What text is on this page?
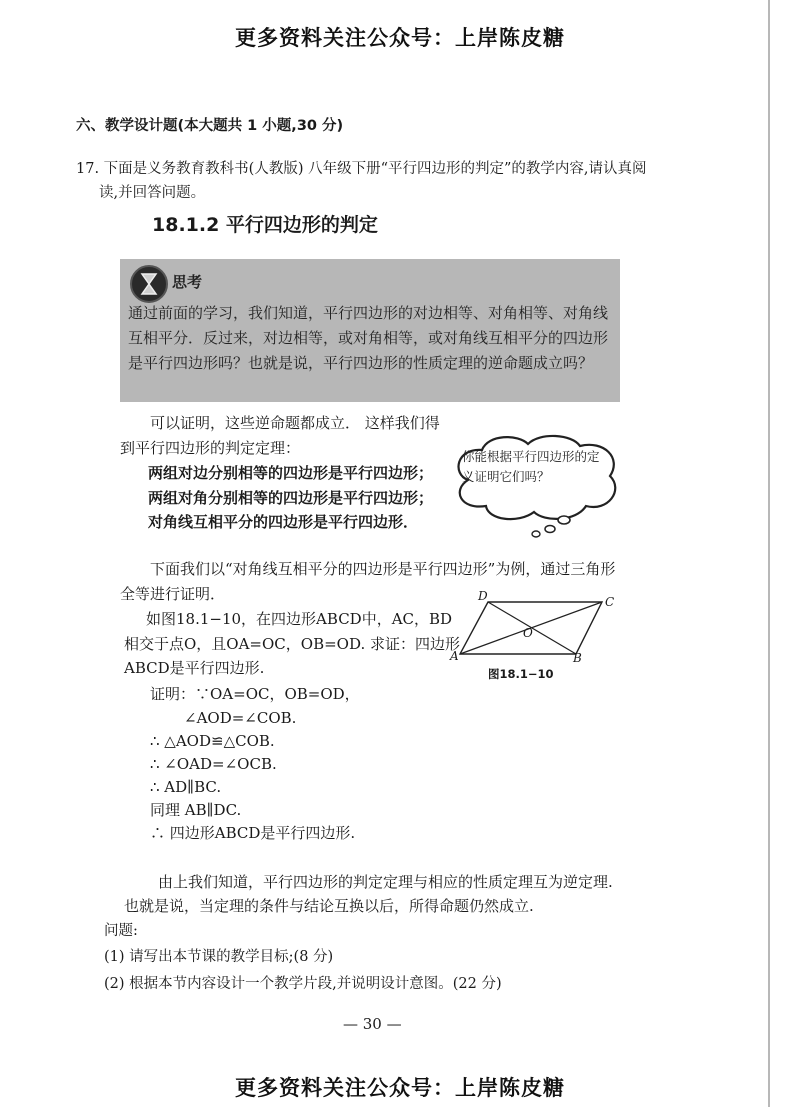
更多资料关注公众号：上岸陈皮糖
六、教学设计题(本大题共 1 小题,30 分)
17. 下面是义务教育教科书(人教版) 八年级下册“平行四边形的判定”的教学内容,请认真阅
读,并回答问题。
18.1.2 平行四边形的判定
思考
通过前面的学习，我们知道，平行四边形的对边相等、对角相等、对角线互相平分．反过来，对边相等，或对角相等，或对角线互相平分的四边形是平行四边形吗？也就是说，平行四边形的性质定理的逆命题成立吗？
可以证明，这些逆命题都成立． 这样我们得
到平行四边形的判定定理：
两组对边分别相等的四边形是平行四边形；
两组对角分别相等的四边形是平行四边形；
对角线互相平分的四边形是平行四边形．
你能根据平行四边形的定义证明它们吗？
下面我们以“对角线互相平分的四边形是平行四边形”为例，通过三角形
全等进行证明．
如图18.1−10，在四边形ABCD中，AC，BD
相交于点O，且OA=OC，OB=OD. 求证：四边形
ABCD是平行四边形.
D	C
O
A	B
图18.1−10
证明：∵OA=OC，OB=OD，
∠AOD=∠COB.
∴ △AOD≌△COB.
∴ ∠OAD=∠OCB.
∴ AD∥BC.
同理 AB∥DC.
∴ 四边形ABCD是平行四边形.
由上我们知道，平行四边形的判定定理与相应的性质定理互为逆定理.
也就是说，当定理的条件与结论互换以后，所得命题仍然成立.
问题:
(1) 请写出本节课的教学目标;(8 分)
(2) 根据本节内容设计一个教学片段,并说明设计意图。(22 分)
— 30 —
更多资料关注公众号：上岸陈皮糖
